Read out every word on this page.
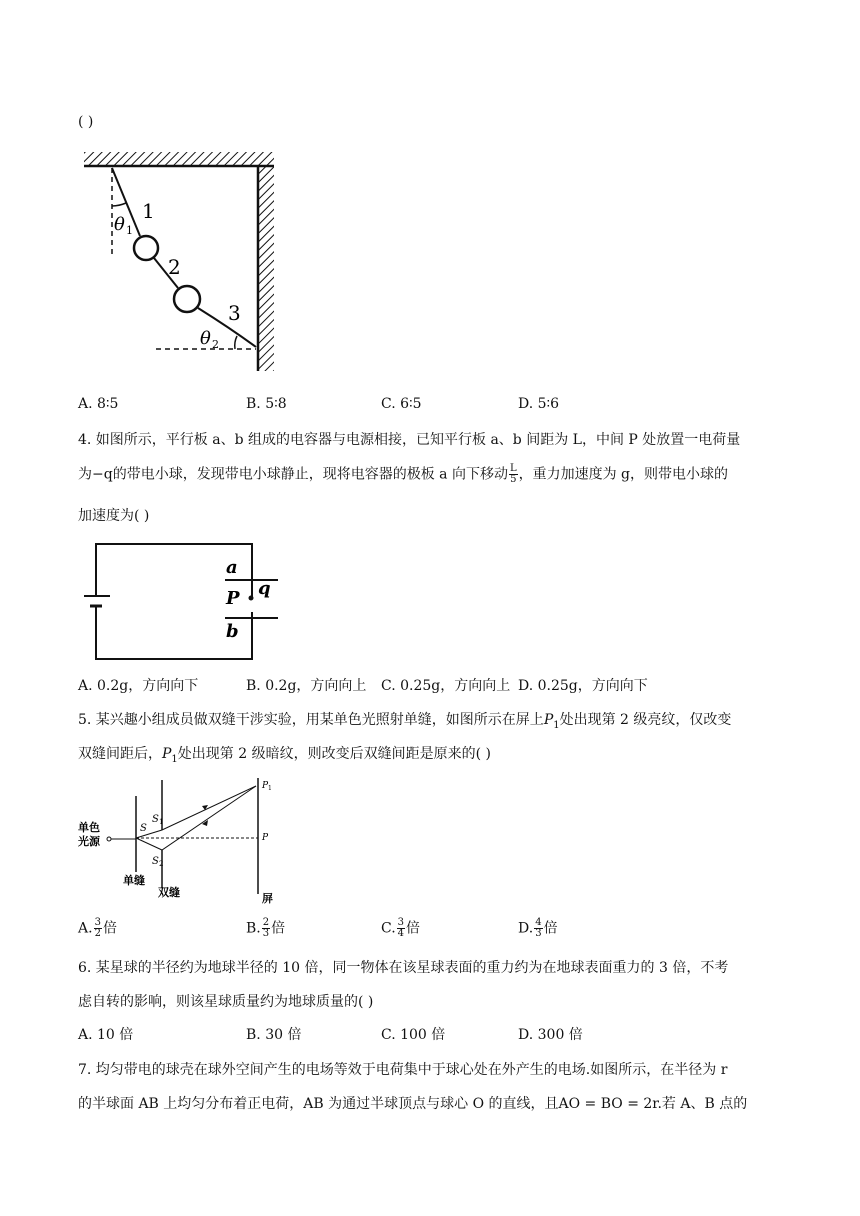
( )
1
2
3
θ 1
θ 2
A. 8∶5	B. 5∶8	C. 6∶5	D. 5∶6
4. 如图所示，平行板 a、b 组成的电容器与电源相接，已知平行板 a、b 间距为 L，中间 P 处放置一电荷量
为−q的带电小球，发现带电小球静止，现将电容器的极板 a 向下移动 $\frac{L}{5}$ ，重力加速度为 g，则带电小球的
加速度为( )
a
P q
b
A. 0.2g，方向向下	B. 0.2g，方向向上 C. 0.25g，方向向上 D. 0.25g，方向向下
5. 某兴趣小组成员做双缝干涉实验，用某单色光照射单缝，如图所示在屏上$P_1$处出现第 2 级亮纹，仅改变
双缝间距后，$P_1$处出现第 2 级暗纹，则改变后双缝间距是原来的( )
单色
光源
S
S 1
S 2
单缝
双缝
P 1
P
屏
A. $\frac{3}{2}$ 倍	B. $\frac{2}{3}$ 倍	C. $\frac{3}{4}$ 倍	D. $\frac{4}{3}$ 倍
6. 某星球的半径约为地球半径的 10 倍，同一物体在该星球表面的重力约为在地球表面重力的 3 倍，不考
虑自转的影响，则该星球质量约为地球质量的( )
A. 10 倍	B. 30 倍	C. 100 倍	D. 300 倍
7. 均匀带电的球壳在球外空间产生的电场等效于电荷集中于球心处在外产生的电场.如图所示，在半径为 r
的半球面 AB 上均匀分布着正电荷，AB 为通过半球顶点与球心 O 的直线，且AO = BO = 2r.若 A、B 点的
